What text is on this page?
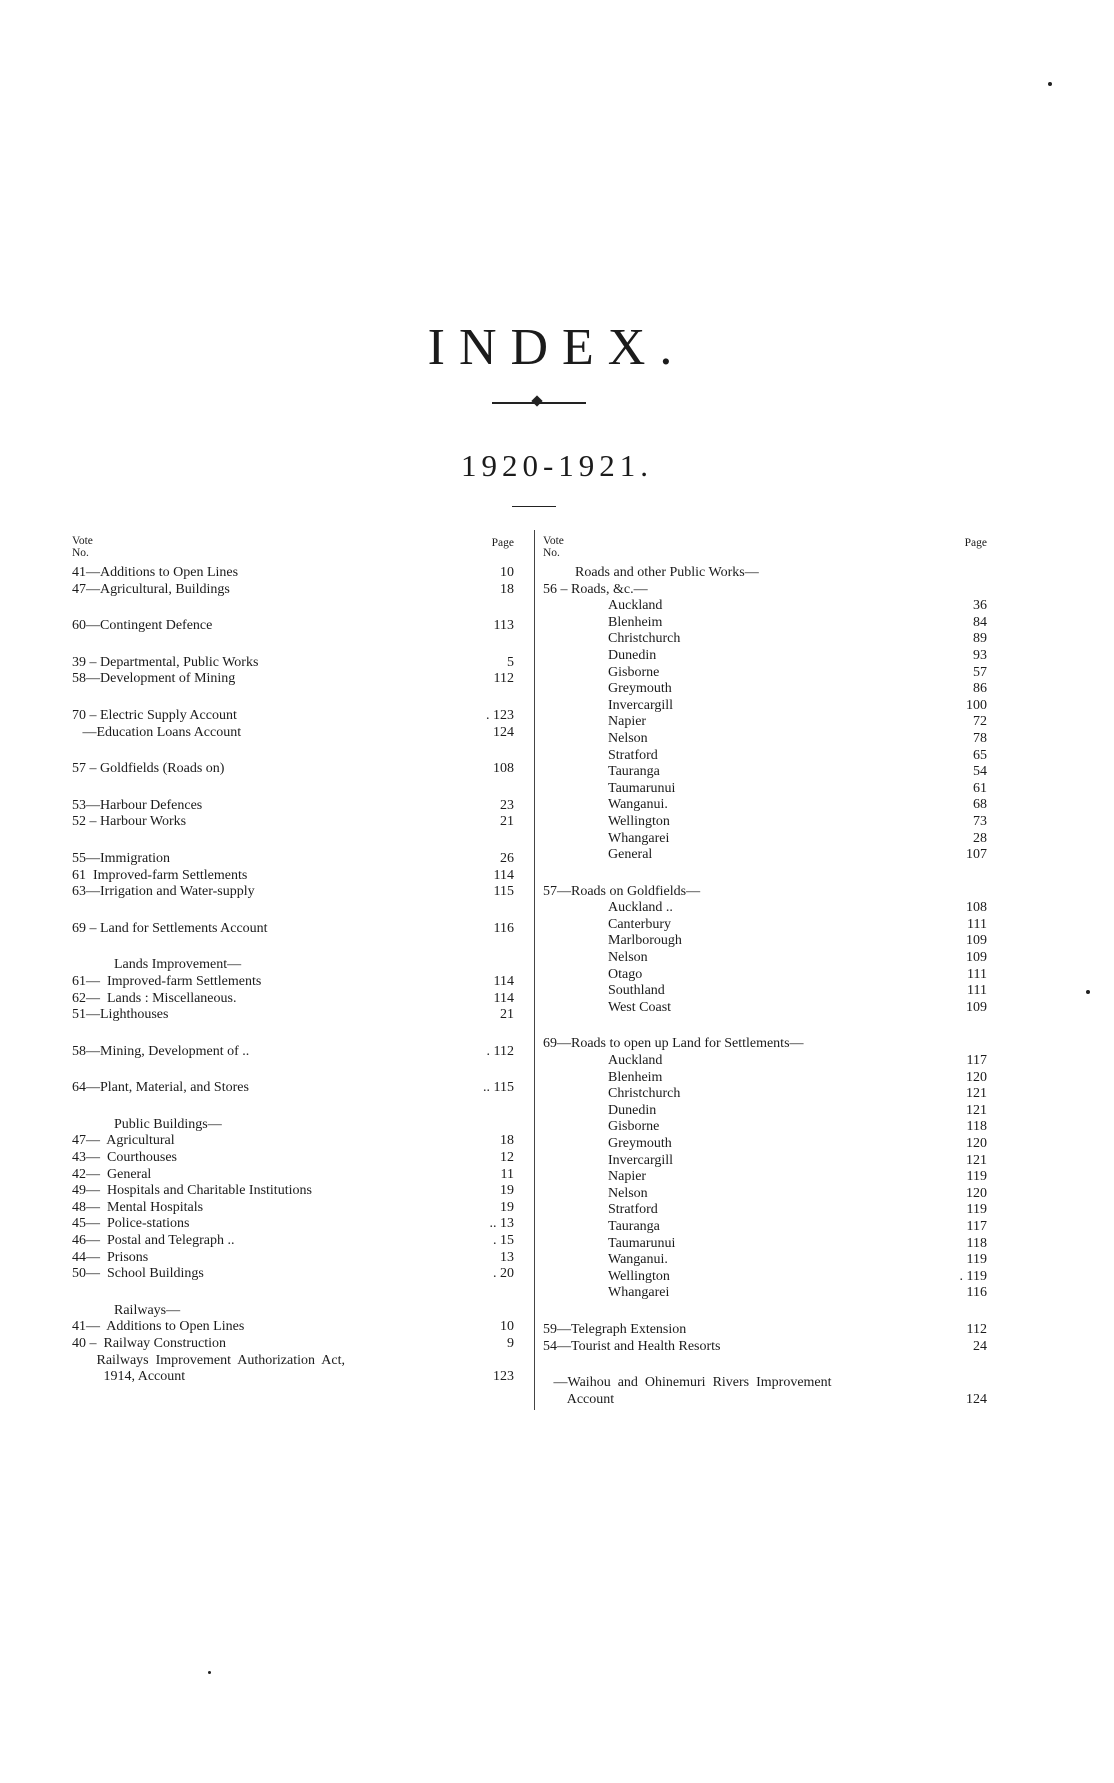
INDEX.
1920-1921.
Vote
No.
Page
41—Additions to Open Lines	10
47—Agricultural, Buildings	18
60—Contingent Defence	113
39 – Departmental, Public Works	5
58—Development of Mining	112
70 – Electric Supply Account	. 123
—Education Loans Account	124
57 – Goldfields (Roads on)	108
53—Harbour Defences	23
52 – Harbour Works	21
55—Immigration	26
61  Improved-farm Settlements	114
63—Irrigation and Water-supply	115
69 – Land for Settlements Account	116
Lands Improvement—
61—  Improved-farm Settlements	114
62—  Lands : Miscellaneous.	114
51—Lighthouses	21
58—Mining, Development of ..	. 112
64—Plant, Material, and Stores	.. 115
Public Buildings—
47—  Agricultural	18
43—  Courthouses	12
42—  General	11
49—  Hospitals and Charitable Institutions	19
48—  Mental Hospitals	19
45—  Police-stations	.. 13
46—  Postal and Telegraph ..	. 15
44—  Prisons	13
50—  School Buildings	. 20
Railways—
41—  Additions to Open Lines	10
40 –  Railway Construction	9
Railways  Improvement  Authorization  Act,
1914, Account	123
Vote
No.
Page
Roads and other Public Works—
56 – Roads, &c.—
Auckland	36
Blenheim	84
Christchurch	89
Dunedin	93
Gisborne	57
Greymouth	86
Invercargill	100
Napier	72
Nelson	78
Stratford	65
Tauranga	54
Taumarunui	61
Wanganui.	68
Wellington	73
Whangarei	28
General	107
57—Roads on Goldfields—
Auckland ..	108
Canterbury	111
Marlborough	109
Nelson	109
Otago	111
Southland	111
West Coast	109
69—Roads to open up Land for Settlements—
Auckland	117
Blenheim	120
Christchurch	121
Dunedin	121
Gisborne	118
Greymouth	120
Invercargill	121
Napier	119
Nelson	120
Stratford	119
Tauranga	117
Taumarunui	118
Wanganui.	119
Wellington	. 119
Whangarei	116
59—Telegraph Extension	112
54—Tourist and Health Resorts	24
—Waihou  and  Ohinemuri  Rivers  Improvement
Account	124
